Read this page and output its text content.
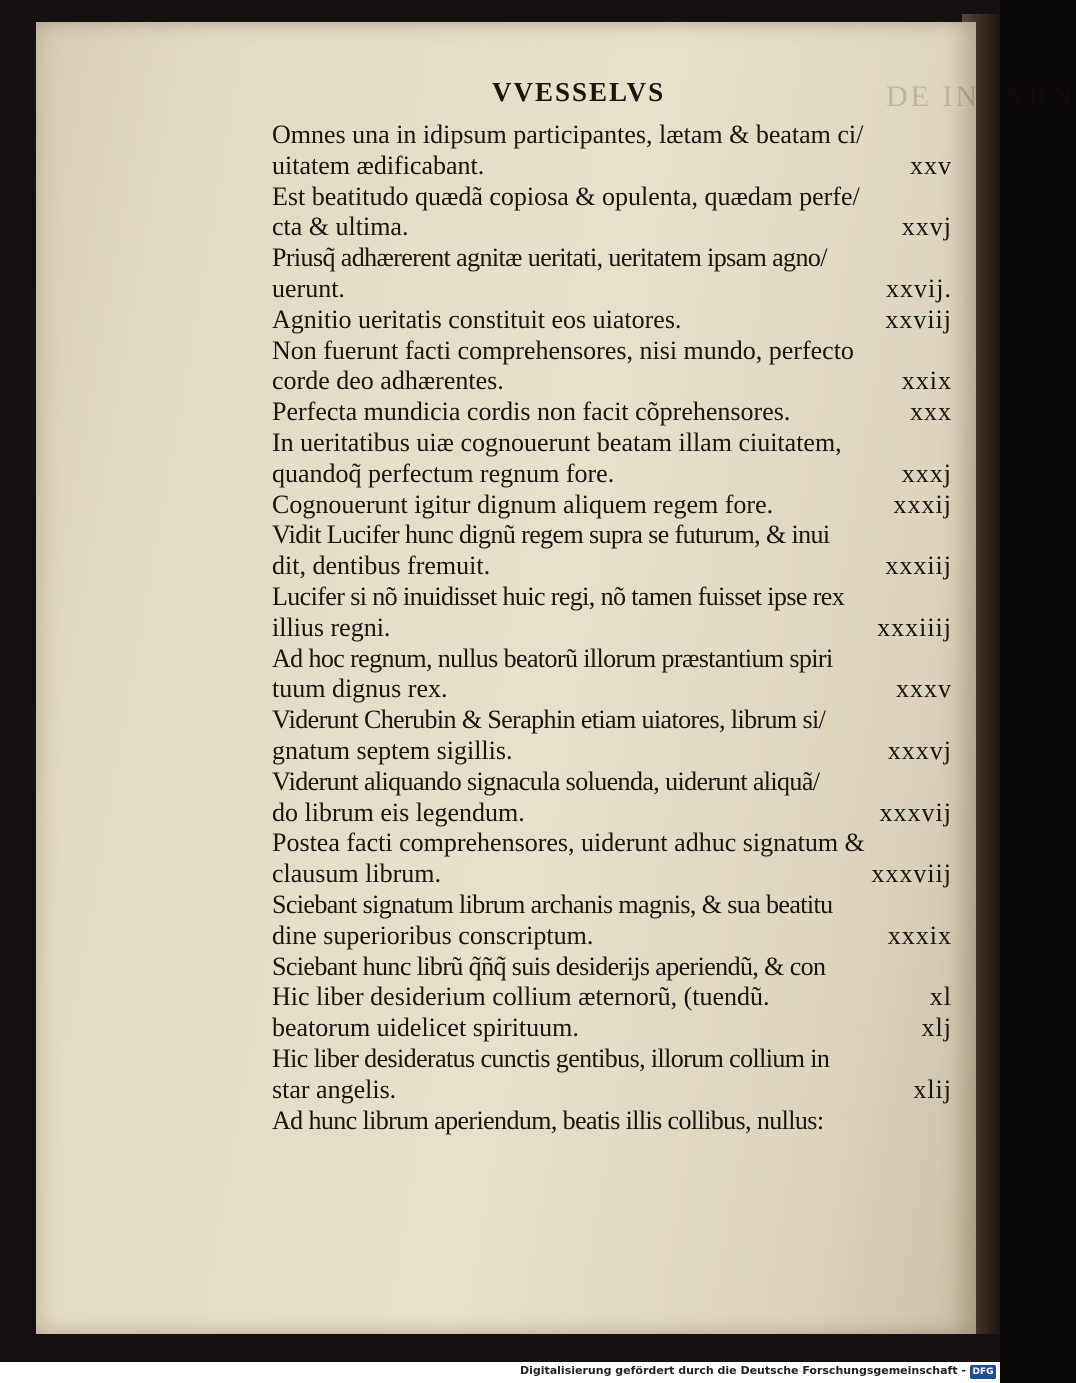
DE INCARN
VVESSELVS
Omnes una in idipsum participantes, lætam & beatam ci/
uitatem ædificabant.	xxv
Est beatitudo quædã copiosa & opulenta, quædam perfe/
cta & ultima.	xxvj
Priusq̃ adhærerent agnitæ ueritati, ueritatem ipsam agno/
uerunt.	xxvij.
Agnitio ueritatis constituit eos uiatores.	xxviij
Non fuerunt facti comprehensores, nisi mundo, perfecto
corde deo adhærentes.	xxix
Perfecta mundicia cordis non facit cõprehensores.	xxx
In ueritatibus uiæ cognouerunt beatam illam ciuitatem,
quandoq̃ perfectum regnum fore.	xxxj
Cognouerunt igitur dignum aliquem regem fore.	xxxij
Vidit Lucifer hunc dignũ regem supra se futurum, & inui
dit, dentibus fremuit.	xxxiij
Lucifer si nõ inuidisset huic regi, nõ tamen fuisset ipse rex
illius regni.	xxxiiij
Ad hoc regnum, nullus beatorũ illorum præstantium spiri
tuum dignus rex.	xxxv
Viderunt Cherubin & Seraphin etiam uiatores, librum si/
gnatum septem sigillis.	xxxvj
Viderunt aliquando signacula soluenda, uiderunt aliquã/
do librum eis legendum.	xxxvij
Postea facti comprehensores, uiderunt adhuc signatum &
clausum librum.	xxxviij
Sciebant signatum librum archanis magnis, & sua beatitu
dine superioribus conscriptum.	xxxix
Sciebant hunc librũ q̃ñq̃ suis desiderijs aperiendũ, & con
Hic liber desiderium collium æternorũ, (tuendũ.	xl
beatorum uidelicet spirituum.	xlj
Hic liber desideratus cunctis gentibus, illorum collium in
star angelis.	xlij
Ad hunc librum aperiendum, beatis illis collibus, nullus:
Digitalisierung gefördert durch die Deutsche Forschungsgemeinschaft - DFG
